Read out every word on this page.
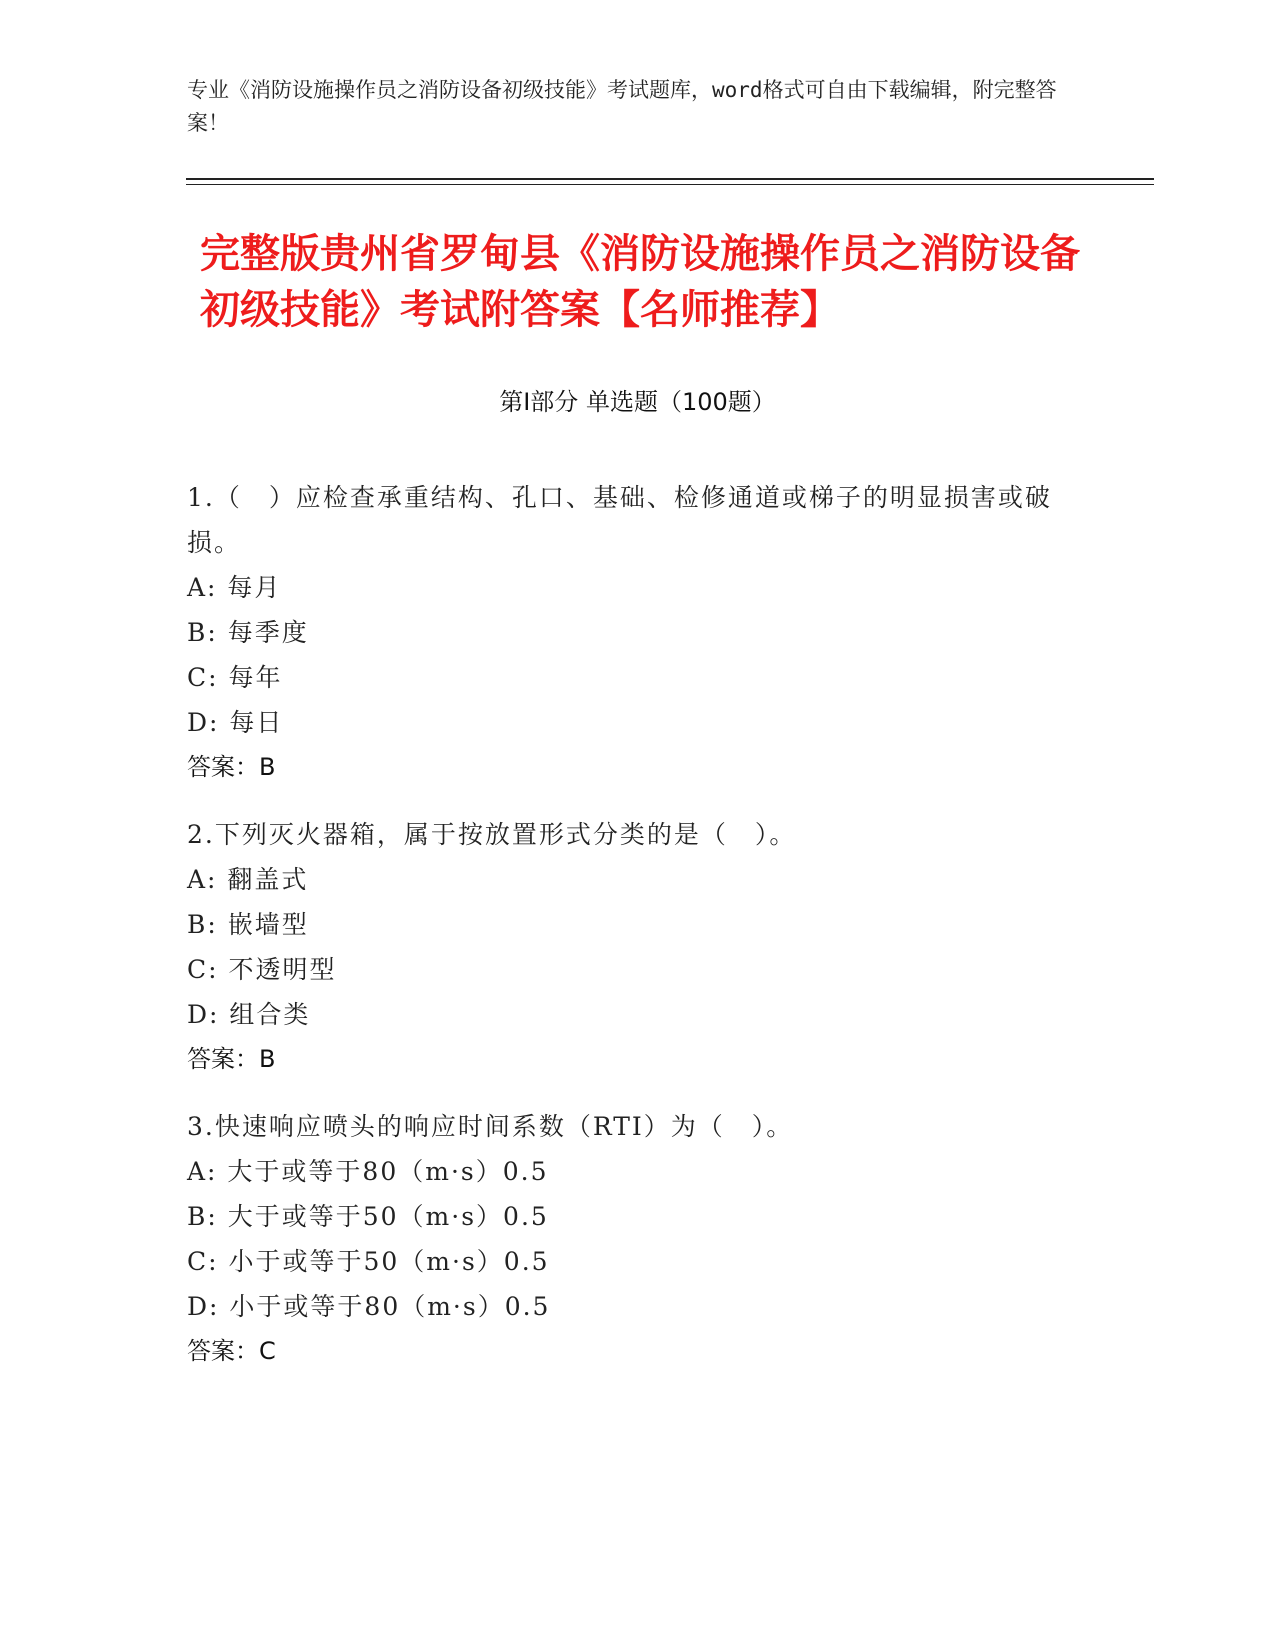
专业《消防设施操作员之消防设备初级技能》考试题库，word格式可自由下载编辑，附完整答案！
完整版贵州省罗甸县《消防设施操作员之消防设备初级技能》考试附答案【名师推荐】
第I部分 单选题（100题）
1.（　）应检查承重结构、孔口、基础、检修通道或梯子的明显损害或破损。
A: 每月
B: 每季度
C: 每年
D: 每日
答案：B
2.下列灭火器箱，属于按放置形式分类的是（　）。
A: 翻盖式
B: 嵌墙型
C: 不透明型
D: 组合类
答案：B
3.快速响应喷头的响应时间系数（RTI）为（　）。
A: 大于或等于80（m·s）0.5
B: 大于或等于50（m·s）0.5
C: 小于或等于50（m·s）0.5
D: 小于或等于80（m·s）0.5
答案：C
